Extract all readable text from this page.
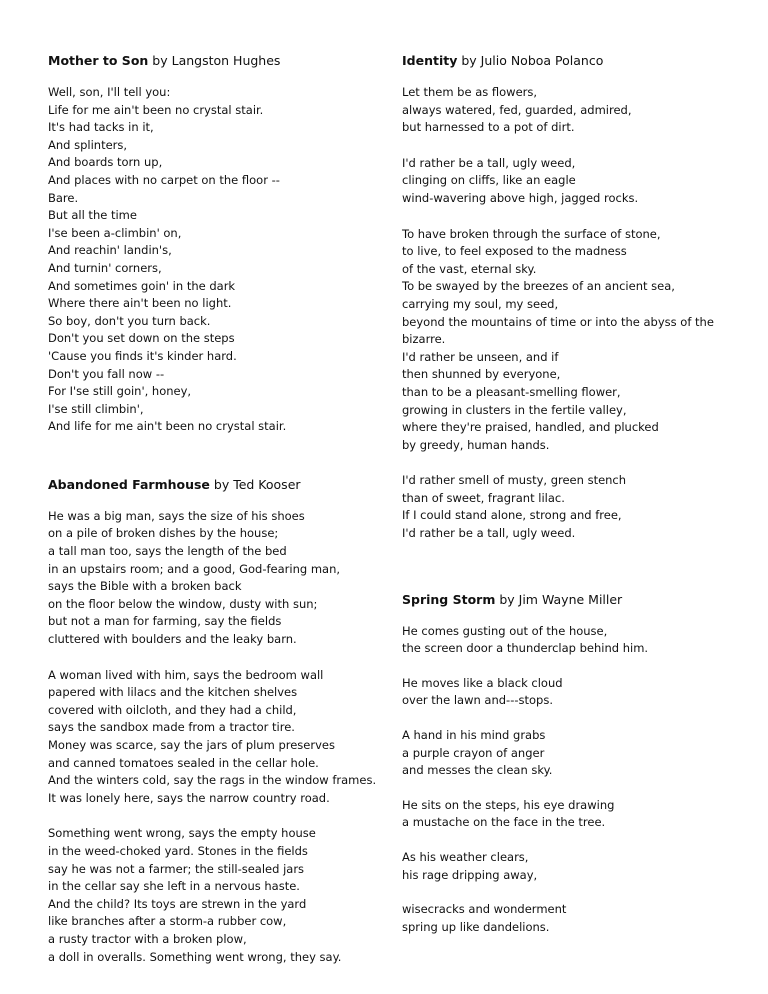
Mother to Son by Langston Hughes
Well, son, I'll tell you:
Life for me ain't been no crystal stair.
It's had tacks in it,
And splinters,
And boards torn up,
And places with no carpet on the floor --
Bare.
But all the time
I'se been a-climbin' on,
And reachin' landin's,
And turnin' corners,
And sometimes goin' in the dark
Where there ain't been no light.
So boy, don't you turn back.
Don't you set down on the steps
'Cause you finds it's kinder hard.
Don't you fall now --
For I'se still goin', honey,
I'se still climbin',
And life for me ain't been no crystal stair.
Abandoned Farmhouse by Ted Kooser
He was a big man, says the size of his shoes
on a pile of broken dishes by the house;
a tall man too, says the length of the bed
in an upstairs room; and a good, God-fearing man,
says the Bible with a broken back
on the floor below the window, dusty with sun;
but not a man for farming, say the fields
cluttered with boulders and the leaky barn.
A woman lived with him, says the bedroom wall
papered with lilacs and the kitchen shelves
covered with oilcloth, and they had a child,
says the sandbox made from a tractor tire.
Money was scarce, say the jars of plum preserves
and canned tomatoes sealed in the cellar hole.
And the winters cold, say the rags in the window frames.
It was lonely here, says the narrow country road.
Something went wrong, says the empty house
in the weed-choked yard. Stones in the fields
say he was not a farmer; the still-sealed jars
in the cellar say she left in a nervous haste.
And the child? Its toys are strewn in the yard
like branches after a storm-a rubber cow,
a rusty tractor with a broken plow,
a doll in overalls. Something went wrong, they say.
Identity by Julio Noboa Polanco
Let them be as flowers,
always watered, fed, guarded, admired,
but harnessed to a pot of dirt.
I'd rather be a tall, ugly weed,
clinging on cliffs, like an eagle
wind-wavering above high, jagged rocks.
To have broken through the surface of stone,
to live, to feel exposed to the madness
of the vast, eternal sky.
To be swayed by the breezes of an ancient sea,
carrying my soul, my seed,
beyond the mountains of time or into the abyss of the bizarre.
I'd rather be unseen, and if
then shunned by everyone,
than to be a pleasant-smelling flower,
growing in clusters in the fertile valley,
where they're praised, handled, and plucked
by greedy, human hands.
I'd rather smell of musty, green stench
than of sweet, fragrant lilac.
If I could stand alone, strong and free,
I'd rather be a tall, ugly weed.
Spring Storm by Jim Wayne Miller
He comes gusting out of the house,
the screen door a thunderclap behind him.
He moves like a black cloud
over the lawn and---stops.
A hand in his mind grabs
a purple crayon of anger
and messes the clean sky.
He sits on the steps, his eye drawing
a mustache on the face in the tree.
As his weather clears,
his rage dripping away,
wisecracks and wonderment
spring up like dandelions.
